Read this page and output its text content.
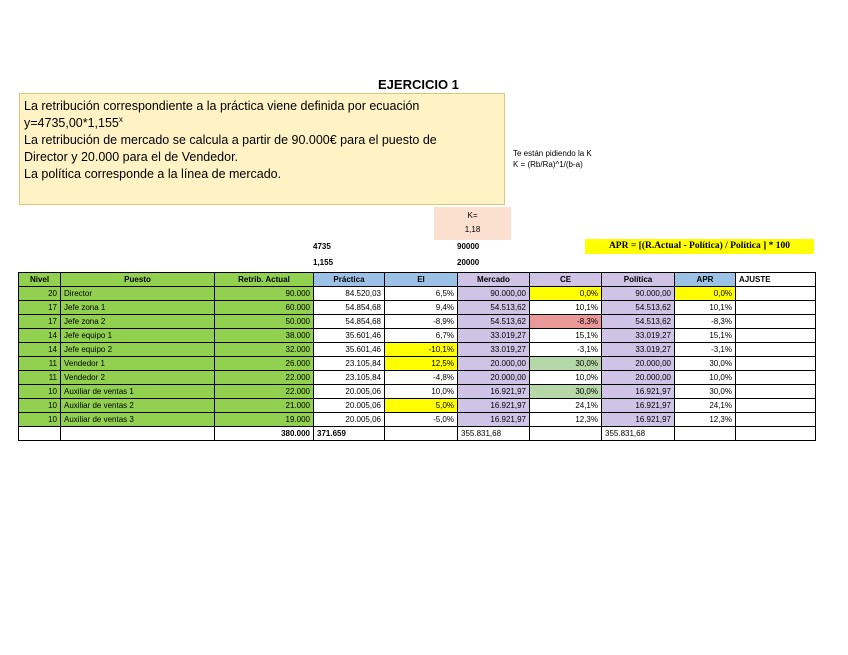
EJERCICIO 1
La retribución correspondiente a la práctica viene definida por ecuación
$y=4735,00*1,155^x$
La retribución de mercado se calcula a partir de 90.000€ para el puesto de
Director y 20.000 para el de Vendedor.
La política corresponde a la línea de mercado.
Te están pidiendo la K
K = (Rb/Ra)^1/(b-a)
K=
1,18
4735
1,155
90000
20000
APR = [(R.Actual - Política) / Política ] * 100
Nivel	Puesto	Retrib. Actual	Práctica	EI	Mercado	CE	Política	APR	AJUSTE
20	Director	90.000	84.520,03	6,5%	90.000,00	0,0%	90.000,00	0,0%	
17	Jefe zona 1	60.000	54.854,68	9,4%	54.513,62	10,1%	54.513,62	10,1%	
17	Jefe zona 2	50.000	54.854,68	-8,9%	54.513,62	-8,3%	54.513,62	-8,3%	
14	Jefe equipo 1	38.000	35.601,46	6,7%	33.019,27	15,1%	33.019,27	15,1%	
14	Jefe equipo 2	32.000	35.601,46	-10,1%	33.019,27	-3,1%	33.019,27	-3,1%	
11	Vendedor 1	26.000	23.105,84	12,5%	20.000,00	30,0%	20.000,00	30,0%	
11	Vendedor 2	22.000	23.105,84	-4,8%	20.000,00	10,0%	20.000,00	10,0%	
10	Auxiliar de ventas 1	22.000	20.005,06	10,0%	16.921,97	30,0%	16.921,97	30,0%	
10	Auxiliar de ventas 2	21.000	20.005,06	5,0%	16.921,97	24,1%	16.921,97	24,1%	
10	Auxiliar de ventas 3	19.000	20.005,06	-5,0%	16.921,97	12,3%	16.921,97	12,3%	
		380.000	371.659		355.831,68		355.831,68		
